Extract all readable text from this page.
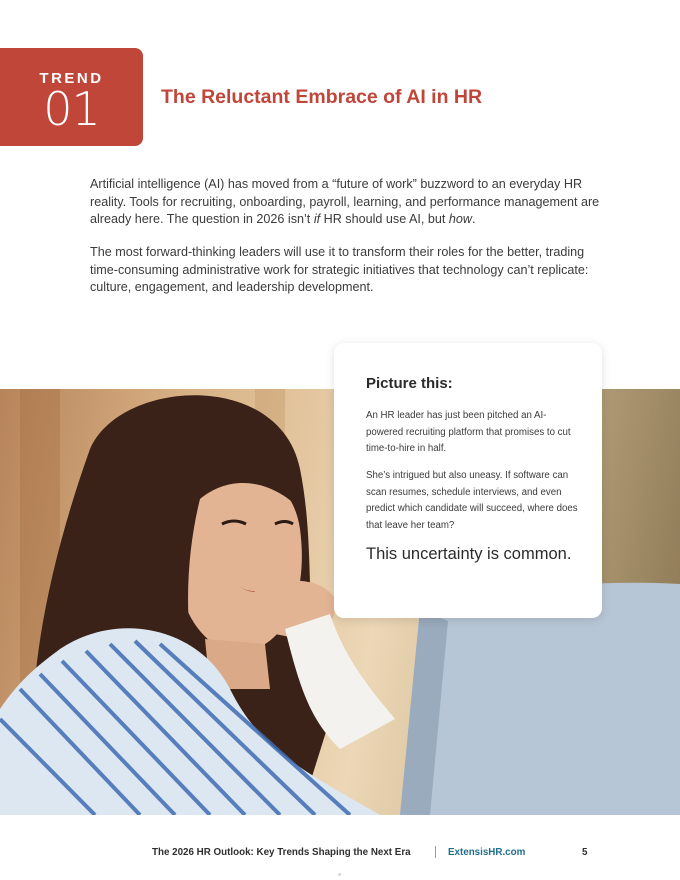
TREND
01	The Reluctant Embrace of AI in HR

Artificial intelligence (AI) has moved from a “future of work” buzzword to an everyday HR reality. Tools for recruiting, onboarding, payroll, learning, and performance management are already here. The question in 2026 isn’t if HR should use AI, but how.

The most forward-thinking leaders will use it to transform their roles for the better, trading time-consuming administrative work for strategic initiatives that technology can’t replicate: culture, engagement, and leadership development.

Picture this:

An HR leader has just been pitched an AI-powered recruiting platform that promises to cut time-to-hire in half.

She’s intrigued but also uneasy. If software can scan resumes, schedule interviews, and even predict which candidate will succeed, where does that leave her team?

This uncertainty is common.

The 2026 HR Outlook: Key Trends Shaping the Next Era	ExtensisHR.com	5
